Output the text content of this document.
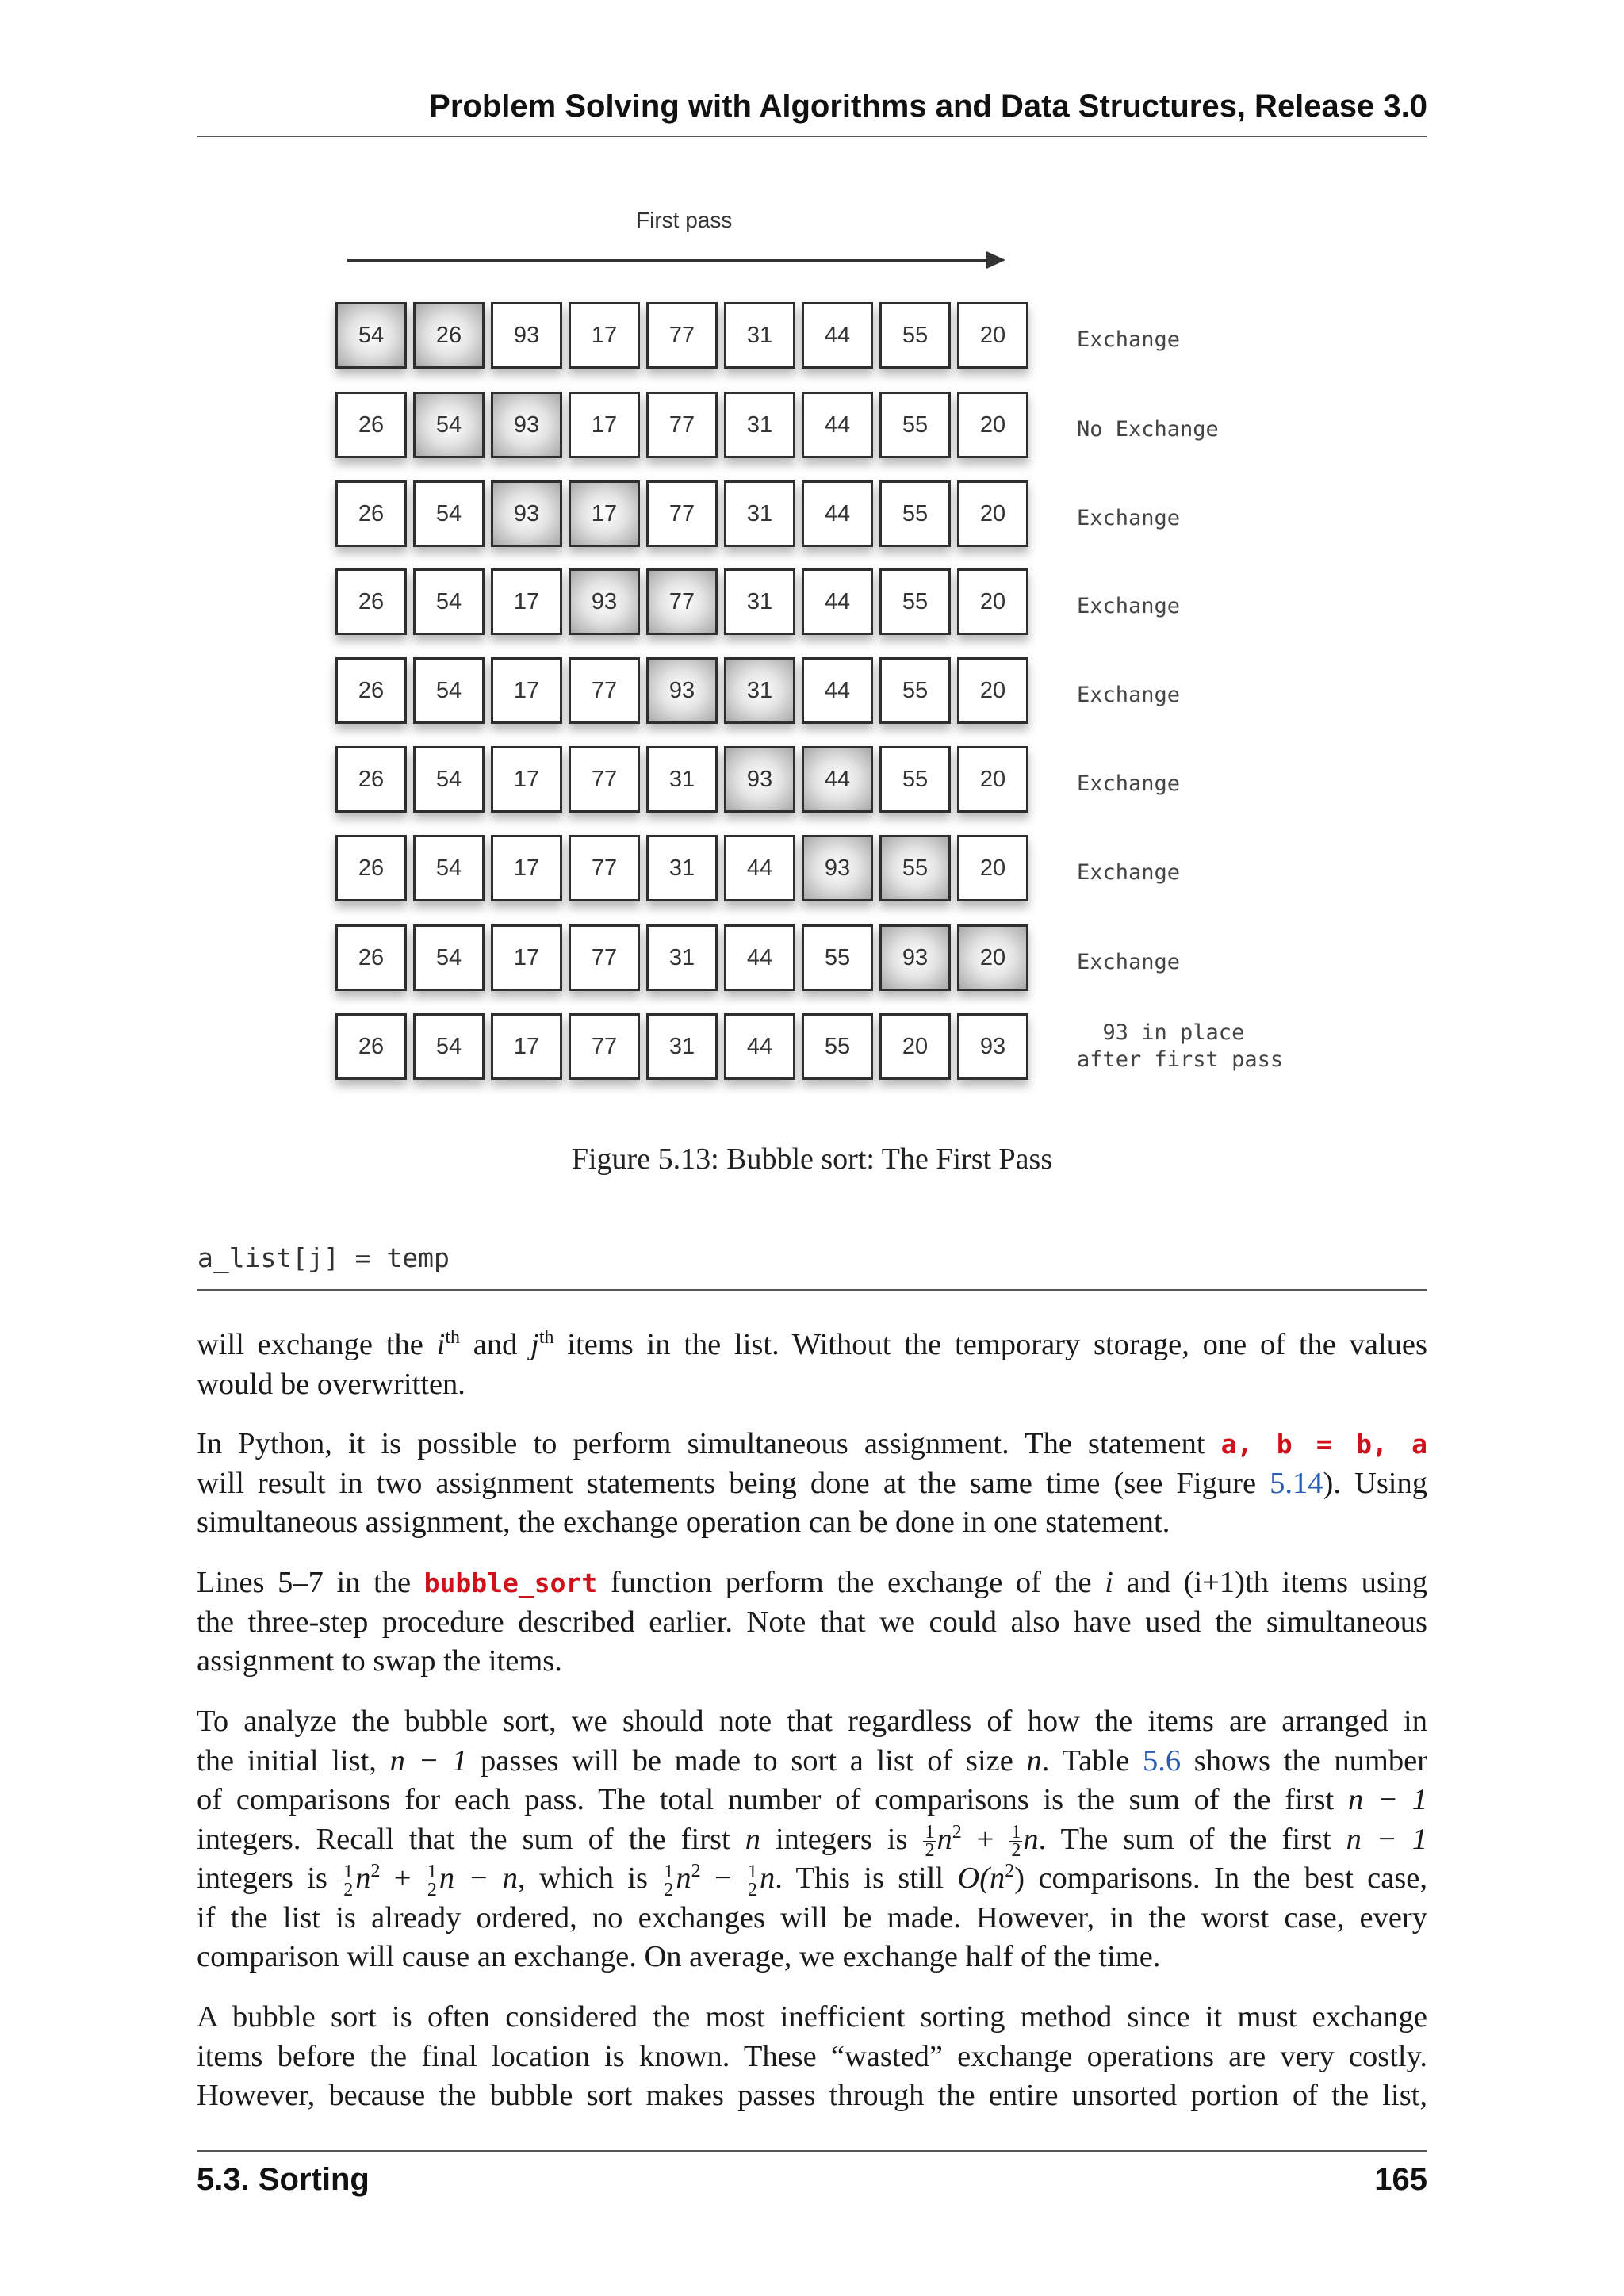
Problem Solving with Algorithms and Data Structures, Release 3.0
First pass
54	26	93	17	77	31	44	55	20	Exchange
26	54	93	17	77	31	44	55	20	No Exchange
26	54	93	17	77	31	44	55	20	Exchange
26	54	17	93	77	31	44	55	20	Exchange
26	54	17	77	93	31	44	55	20	Exchange
26	54	17	77	31	93	44	55	20	Exchange
26	54	17	77	31	44	93	55	20	Exchange
26	54	17	77	31	44	55	93	20	Exchange
26	54	17	77	31	44	55	20	93
93 in place
after first pass
Figure 5.13: Bubble sort: The First Pass
a_list[j] = temp
will exchange the $i^{th}$ and $j^{th}$ items in the list. Without the temporary storage, one of the values
would be overwritten.
In Python, it is possible to perform simultaneous assignment. The statement a, b = b, a
will result in two assignment statements being done at the same time (see Figure 5.14). Using
simultaneous assignment, the exchange operation can be done in one statement.
Lines 5–7 in the bubble_sort function perform the exchange of the i and (i+1)th items using
the three-step procedure described earlier. Note that we could also have used the simultaneous
assignment to swap the items.
To analyze the bubble sort, we should note that regardless of how the items are arranged in
the initial list, n − 1 passes will be made to sort a list of size n. Table 5.6 shows the number
of comparisons for each pass. The total number of comparisons is the sum of the first n − 1
integers. Recall that the sum of the first n integers is $\frac{1}{2} n^2 + \frac{1}{2} n$. The sum of the first n − 1
integers is $\frac{1}{2} n^2 + \frac{1}{2}$ n − n, which is $\frac{1}{2} n^2 - \frac{1}{2} n$. This is still $O(n^2)$ comparisons. In the best case,
if the list is already ordered, no exchanges will be made. However, in the worst case, every
comparison will cause an exchange. On average, we exchange half of the time.
A bubble sort is often considered the most inefficient sorting method since it must exchange
items before the final location is known. These “wasted” exchange operations are very costly.
However, because the bubble sort makes passes through the entire unsorted portion of the list,
5.3. Sorting	165
